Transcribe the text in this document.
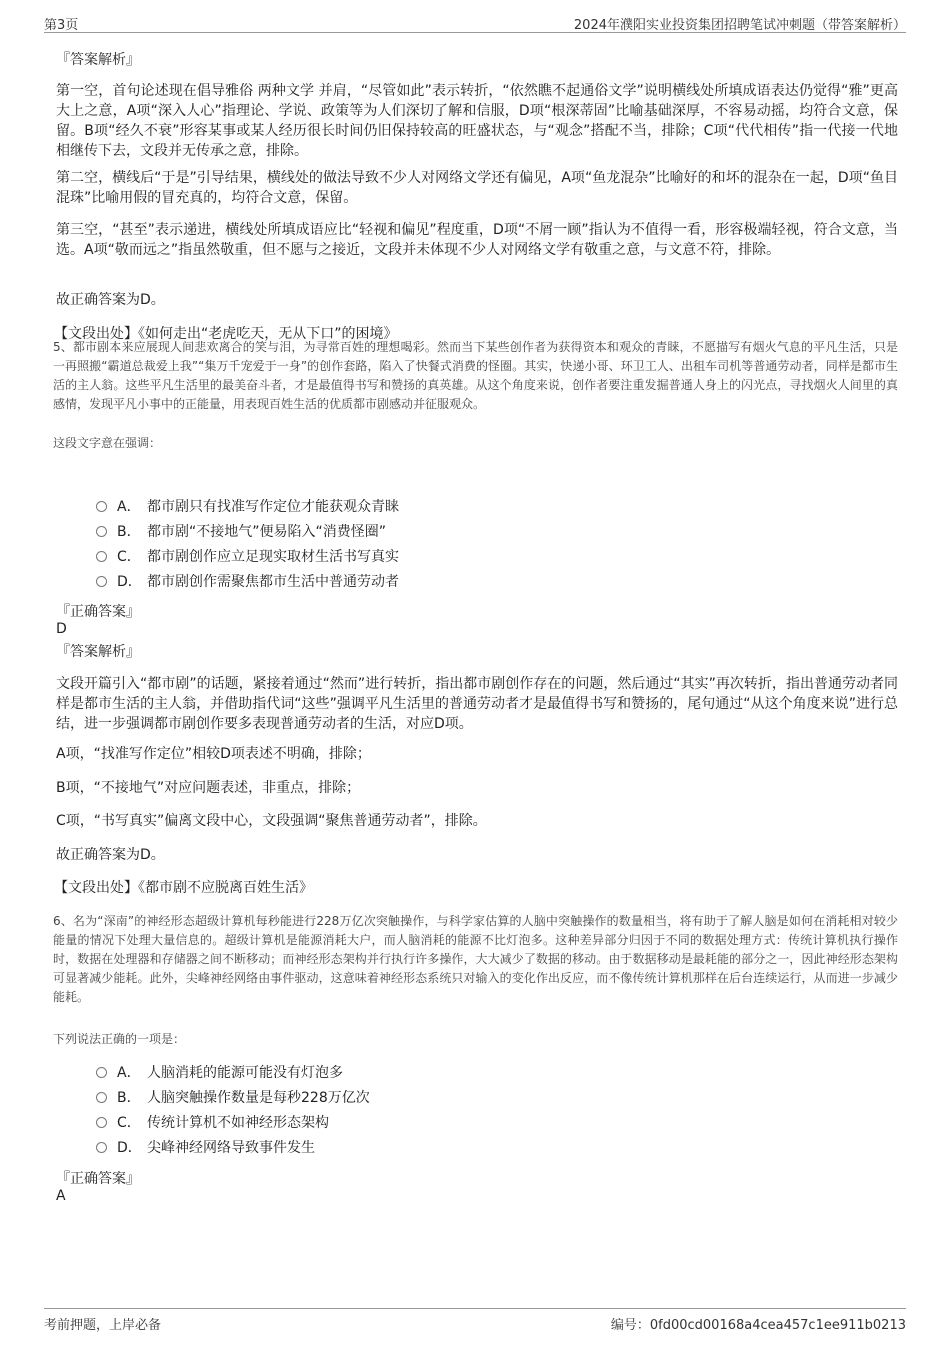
第3页	2024年濮阳实业投资集团招聘笔试冲刺题（带答案解析）
『答案解析』
第一空，首句论述现在倡导雅俗 两种文学 并肩，“尽管如此”表示转折，“依然瞧不起通俗文学”说明横线处所填成语表达仍觉得“雅”更高大上之意，A项“深入人心”指理论、学说、政策等为人们深切了解和信服，D项“根深蒂固”比喻基础深厚，不容易动摇，均符合文意，保留。B项“经久不衰”形容某事或某人经历很长时间仍旧保持较高的旺盛状态，与“观念”搭配不当，排除；C项“代代相传”指一代接一代地相继传下去，文段并无传承之意，排除。
第二空，横线后“于是”引导结果，横线处的做法导致不少人对网络文学还有偏见，A项“鱼龙混杂”比喻好的和坏的混杂在一起，D项“鱼目混珠”比喻用假的冒充真的，均符合文意，保留。
第三空，“甚至”表示递进，横线处所填成语应比“轻视和偏见”程度重，D项“不屑一顾”指认为不值得一看，形容极端轻视，符合文意，当选。A项“敬而远之”指虽然敬重，但不愿与之接近，文段并未体现不少人对网络文学有敬重之意，与文意不符，排除。
故正确答案为D。
【文段出处】《如何走出“老虎吃天，无从下口”的困境》
5、都市剧本来应展现人间悲欢离合的笑与泪，为寻常百姓的理想喝彩。然而当下某些创作者为获得资本和观众的青睐，不愿描写有烟火气息的平凡生活，只是一再照搬“霸道总裁爱上我”“集万千宠爱于一身”的创作套路，陷入了快餐式消费的怪圈。其实，快递小哥、环卫工人、出租车司机等普通劳动者，同样是都市生活的主人翁。这些平凡生活里的最美奋斗者，才是最值得书写和赞扬的真英雄。从这个角度来说，创作者要注重发掘普通人身上的闪光点，寻找烟火人间里的真感情，发现平凡小事中的正能量，用表现百姓生活的优质都市剧感动并征服观众。
这段文字意在强调：
A． 都市剧只有找准写作定位才能获观众青睐
B． 都市剧“不接地气”便易陷入“消费怪圈”
C． 都市剧创作应立足现实取材生活书写真实
D． 都市剧创作需聚焦都市生活中普通劳动者
『正确答案』
D
『答案解析』
文段开篇引入“都市剧”的话题，紧接着通过“然而”进行转折，指出都市剧创作存在的问题，然后通过“其实”再次转折，指出普通劳动者同样是都市生活的主人翁，并借助指代词“这些”强调平凡生活里的普通劳动者才是最值得书写和赞扬的，尾句通过“从这个角度来说”进行总结，进一步强调都市剧创作要多表现普通劳动者的生活，对应D项。
A项，“找准写作定位”相较D项表述不明确，排除；
B项，“不接地气”对应问题表述，非重点，排除；
C项，“书写真实”偏离文段中心，文段强调“聚焦普通劳动者”，排除。
故正确答案为D。
【文段出处】《都市剧不应脱离百姓生活》
6、名为“深南”的神经形态超级计算机每秒能进行228万亿次突触操作，与科学家估算的人脑中突触操作的数量相当，将有助于了解人脑是如何在消耗相对较少能量的情况下处理大量信息的。超级计算机是能源消耗大户，而人脑消耗的能源不比灯泡多。这种差异部分归因于不同的数据处理方式：传统计算机执行操作时，数据在处理器和存储器之间不断移动；而神经形态架构并行执行许多操作，大大减少了数据的移动。由于数据移动是最耗能的部分之一，因此神经形态架构可显著减少能耗。此外，尖峰神经网络由事件驱动，这意味着神经形态系统只对输入的变化作出反应，而不像传统计算机那样在后台连续运行，从而进一步减少能耗。
下列说法正确的一项是：
A． 人脑消耗的能源可能没有灯泡多
B． 人脑突触操作数量是每秒228万亿次
C． 传统计算机不如神经形态架构
D． 尖峰神经网络导致事件发生
『正确答案』
A
考前押题，上岸必备	编号：0fd00cd00168a4cea457c1ee911b0213
